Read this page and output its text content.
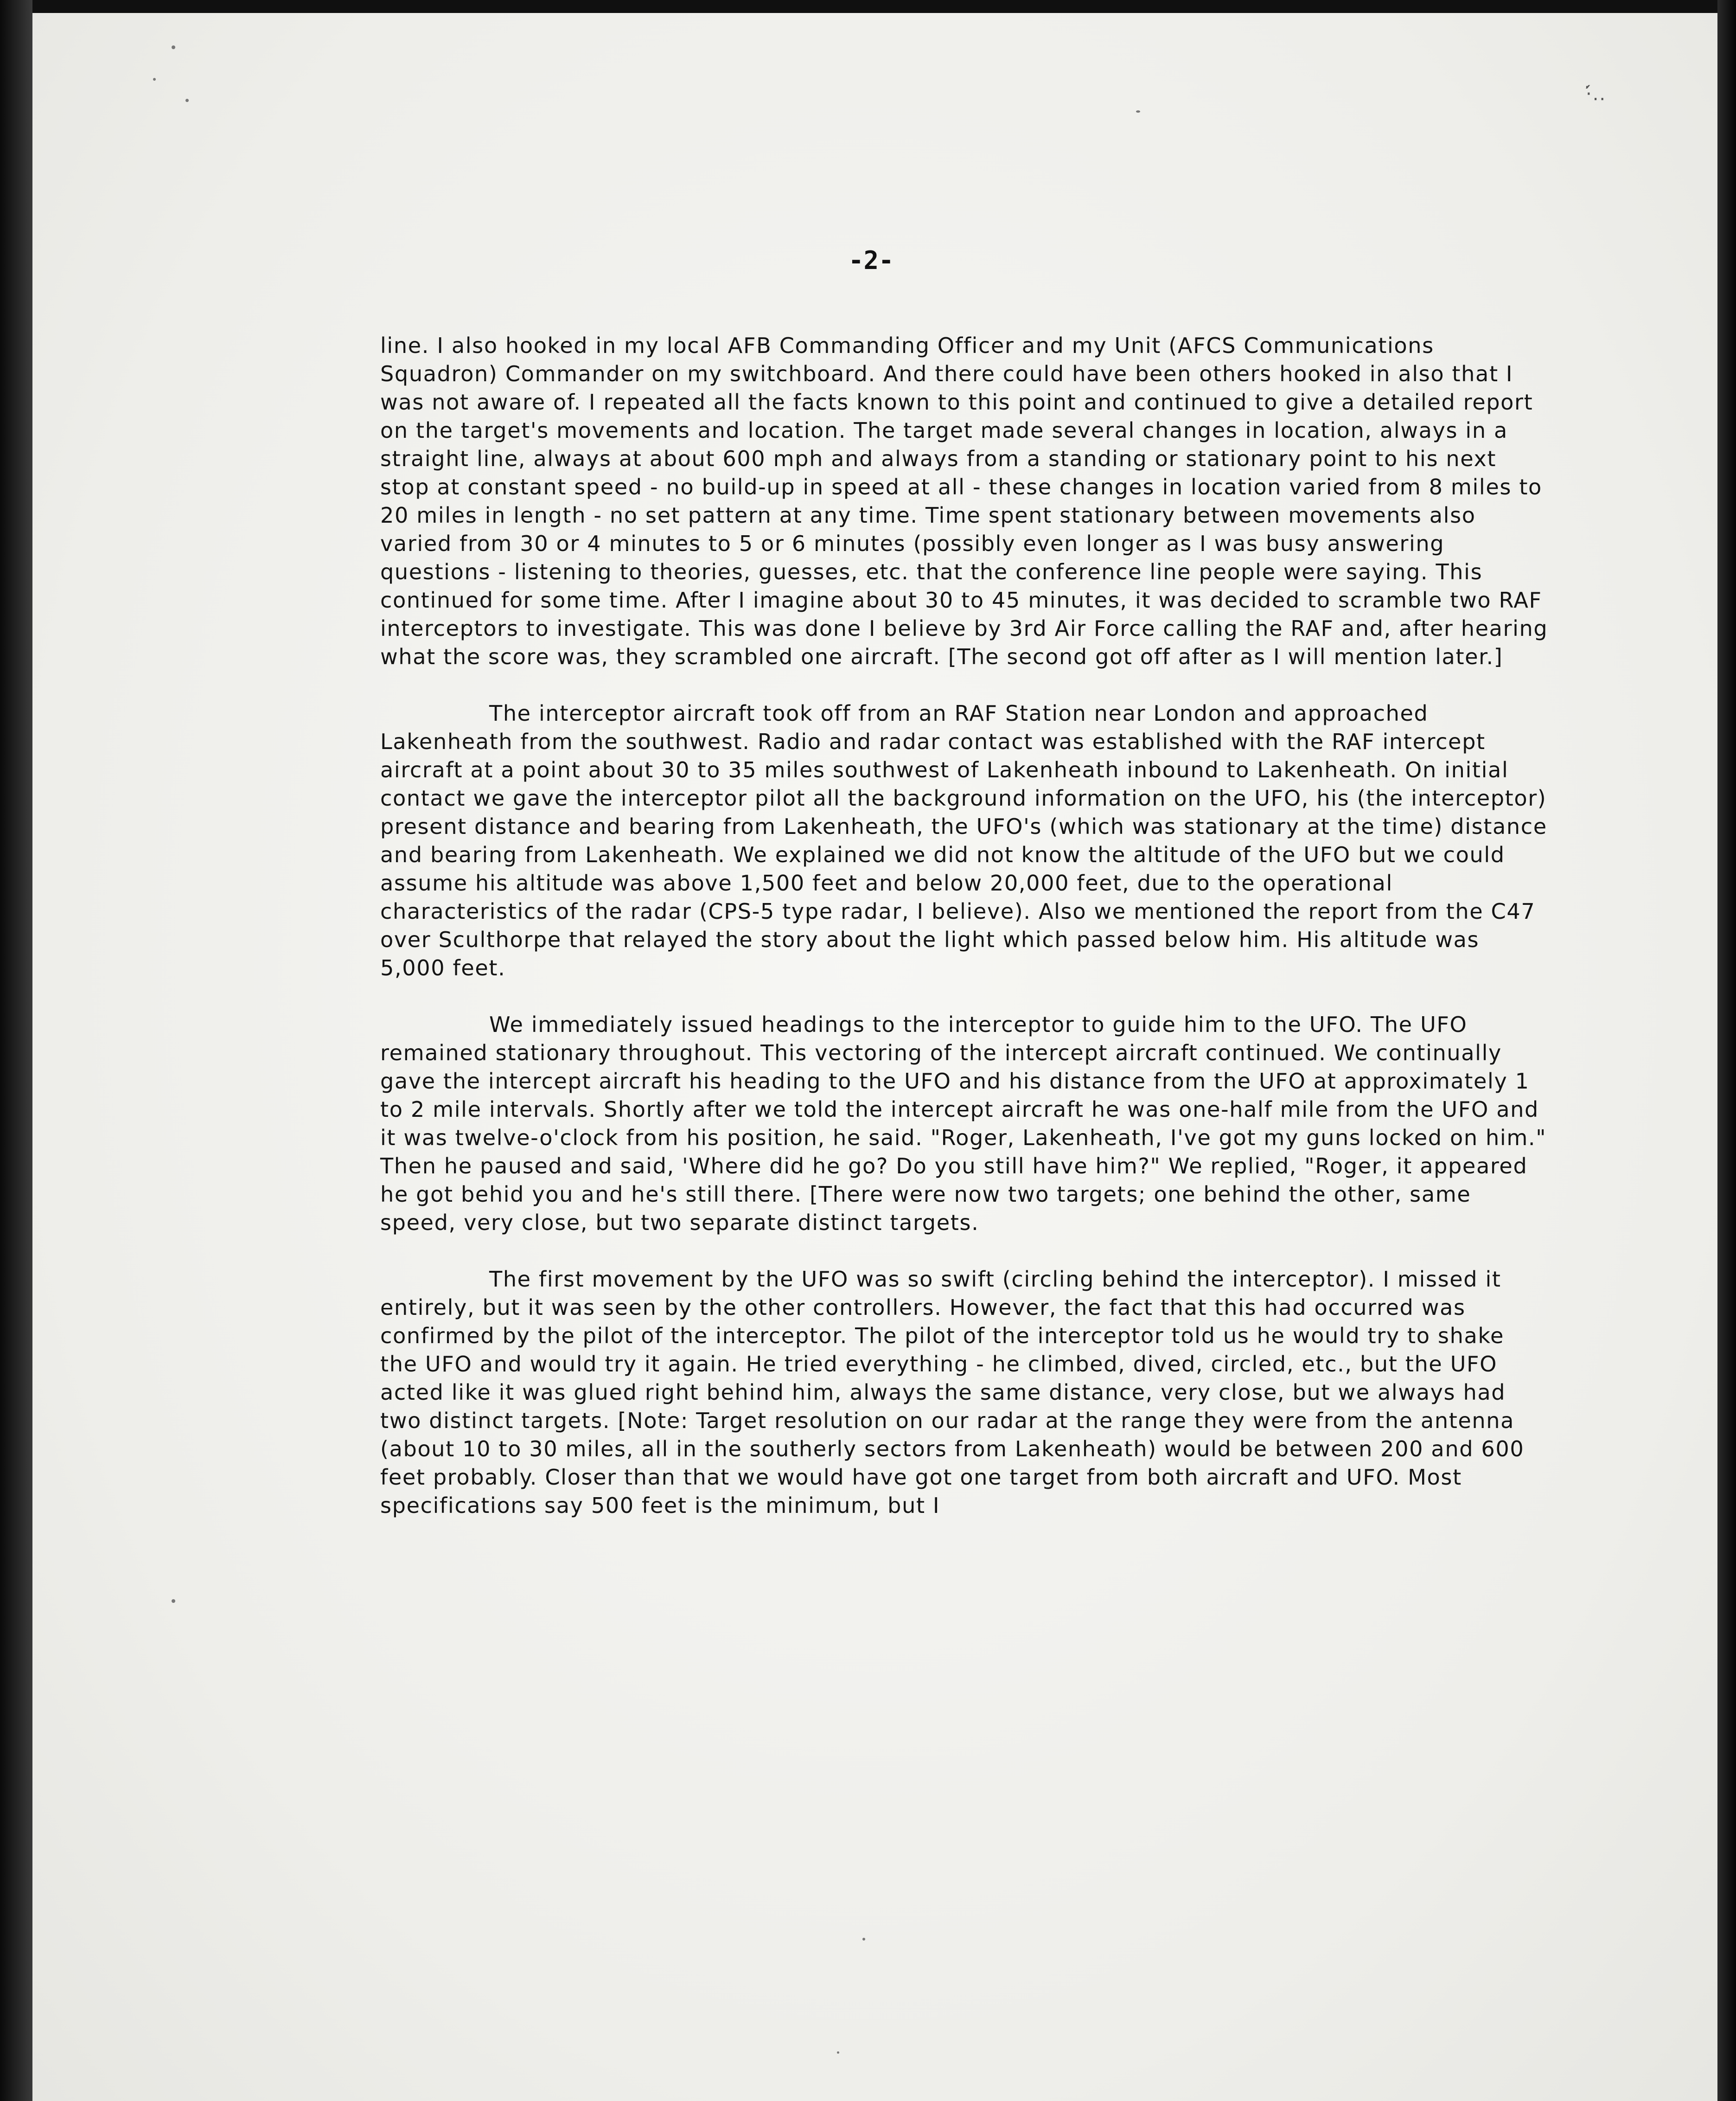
·́̇..
-2-

line. I also hooked in my local AFB Commanding Officer and my Unit (AFCS Communications Squadron) Commander on my switchboard. And there could have been others hooked in also that I was not aware of. I repeated all the facts known to this point and continued to give a detailed report on the target's movements and location. The target made several changes in location, always in a straight line, always at about 600 mph and always from a standing or stationary point to his next stop at constant speed - no build-up in speed at all - these changes in location varied from 8 miles to 20 miles in length - no set pattern at any time. Time spent stationary between movements also varied from 30 or 4 minutes to 5 or 6 minutes (possibly even longer as I was busy answering questions - listening to theories, guesses, etc. that the conference line people were saying. This continued for some time. After I imagine about 30 to 45 minutes, it was decided to scramble two RAF interceptors to investigate. This was done I believe by 3rd Air Force calling the RAF and, after hearing what the score was, they scrambled one aircraft. [The second got off after as I will mention later.]

The interceptor aircraft took off from an RAF Station near London and approached Lakenheath from the southwest. Radio and radar contact was established with the RAF intercept aircraft at a point about 30 to 35 miles southwest of Lakenheath inbound to Lakenheath. On initial contact we gave the interceptor pilot all the background information on the UFO, his (the interceptor) present distance and bearing from Lakenheath, the UFO's (which was stationary at the time) distance and bearing from Lakenheath. We explained we did not know the altitude of the UFO but we could assume his altitude was above 1,500 feet and below 20,000 feet, due to the operational characteristics of the radar (CPS-5 type radar, I believe). Also we mentioned the report from the C47 over Sculthorpe that relayed the story about the light which passed below him. His altitude was 5,000 feet.

We immediately issued headings to the interceptor to guide him to the UFO. The UFO remained stationary throughout. This vectoring of the intercept aircraft continued. We continually gave the intercept aircraft his heading to the UFO and his distance from the UFO at approximately 1 to 2 mile intervals. Shortly after we told the intercept aircraft he was one-half mile from the UFO and it was twelve-o'clock from his position, he said. "Roger, Lakenheath, I've got my guns locked on him." Then he paused and said, 'Where did he go? Do you still have him?" We replied, "Roger, it appeared he got behid you and he's still there. [There were now two targets; one behind the other, same speed, very close, but two separate distinct targets.

The first movement by the UFO was so swift (circling behind the interceptor). I missed it entirely, but it was seen by the other controllers. However, the fact that this had occurred was confirmed by the pilot of the interceptor. The pilot of the interceptor told us he would try to shake the UFO and would try it again. He tried everything - he climbed, dived, circled, etc., but the UFO acted like it was glued right behind him, always the same distance, very close, but we always had two distinct targets. [Note: Target resolution on our radar at the range they were from the antenna (about 10 to 30 miles, all in the southerly sectors from Lakenheath) would be between 200 and 600 feet probably. Closer than that we would have got one target from both aircraft and UFO. Most specifications say 500 feet is the minimum, but I
